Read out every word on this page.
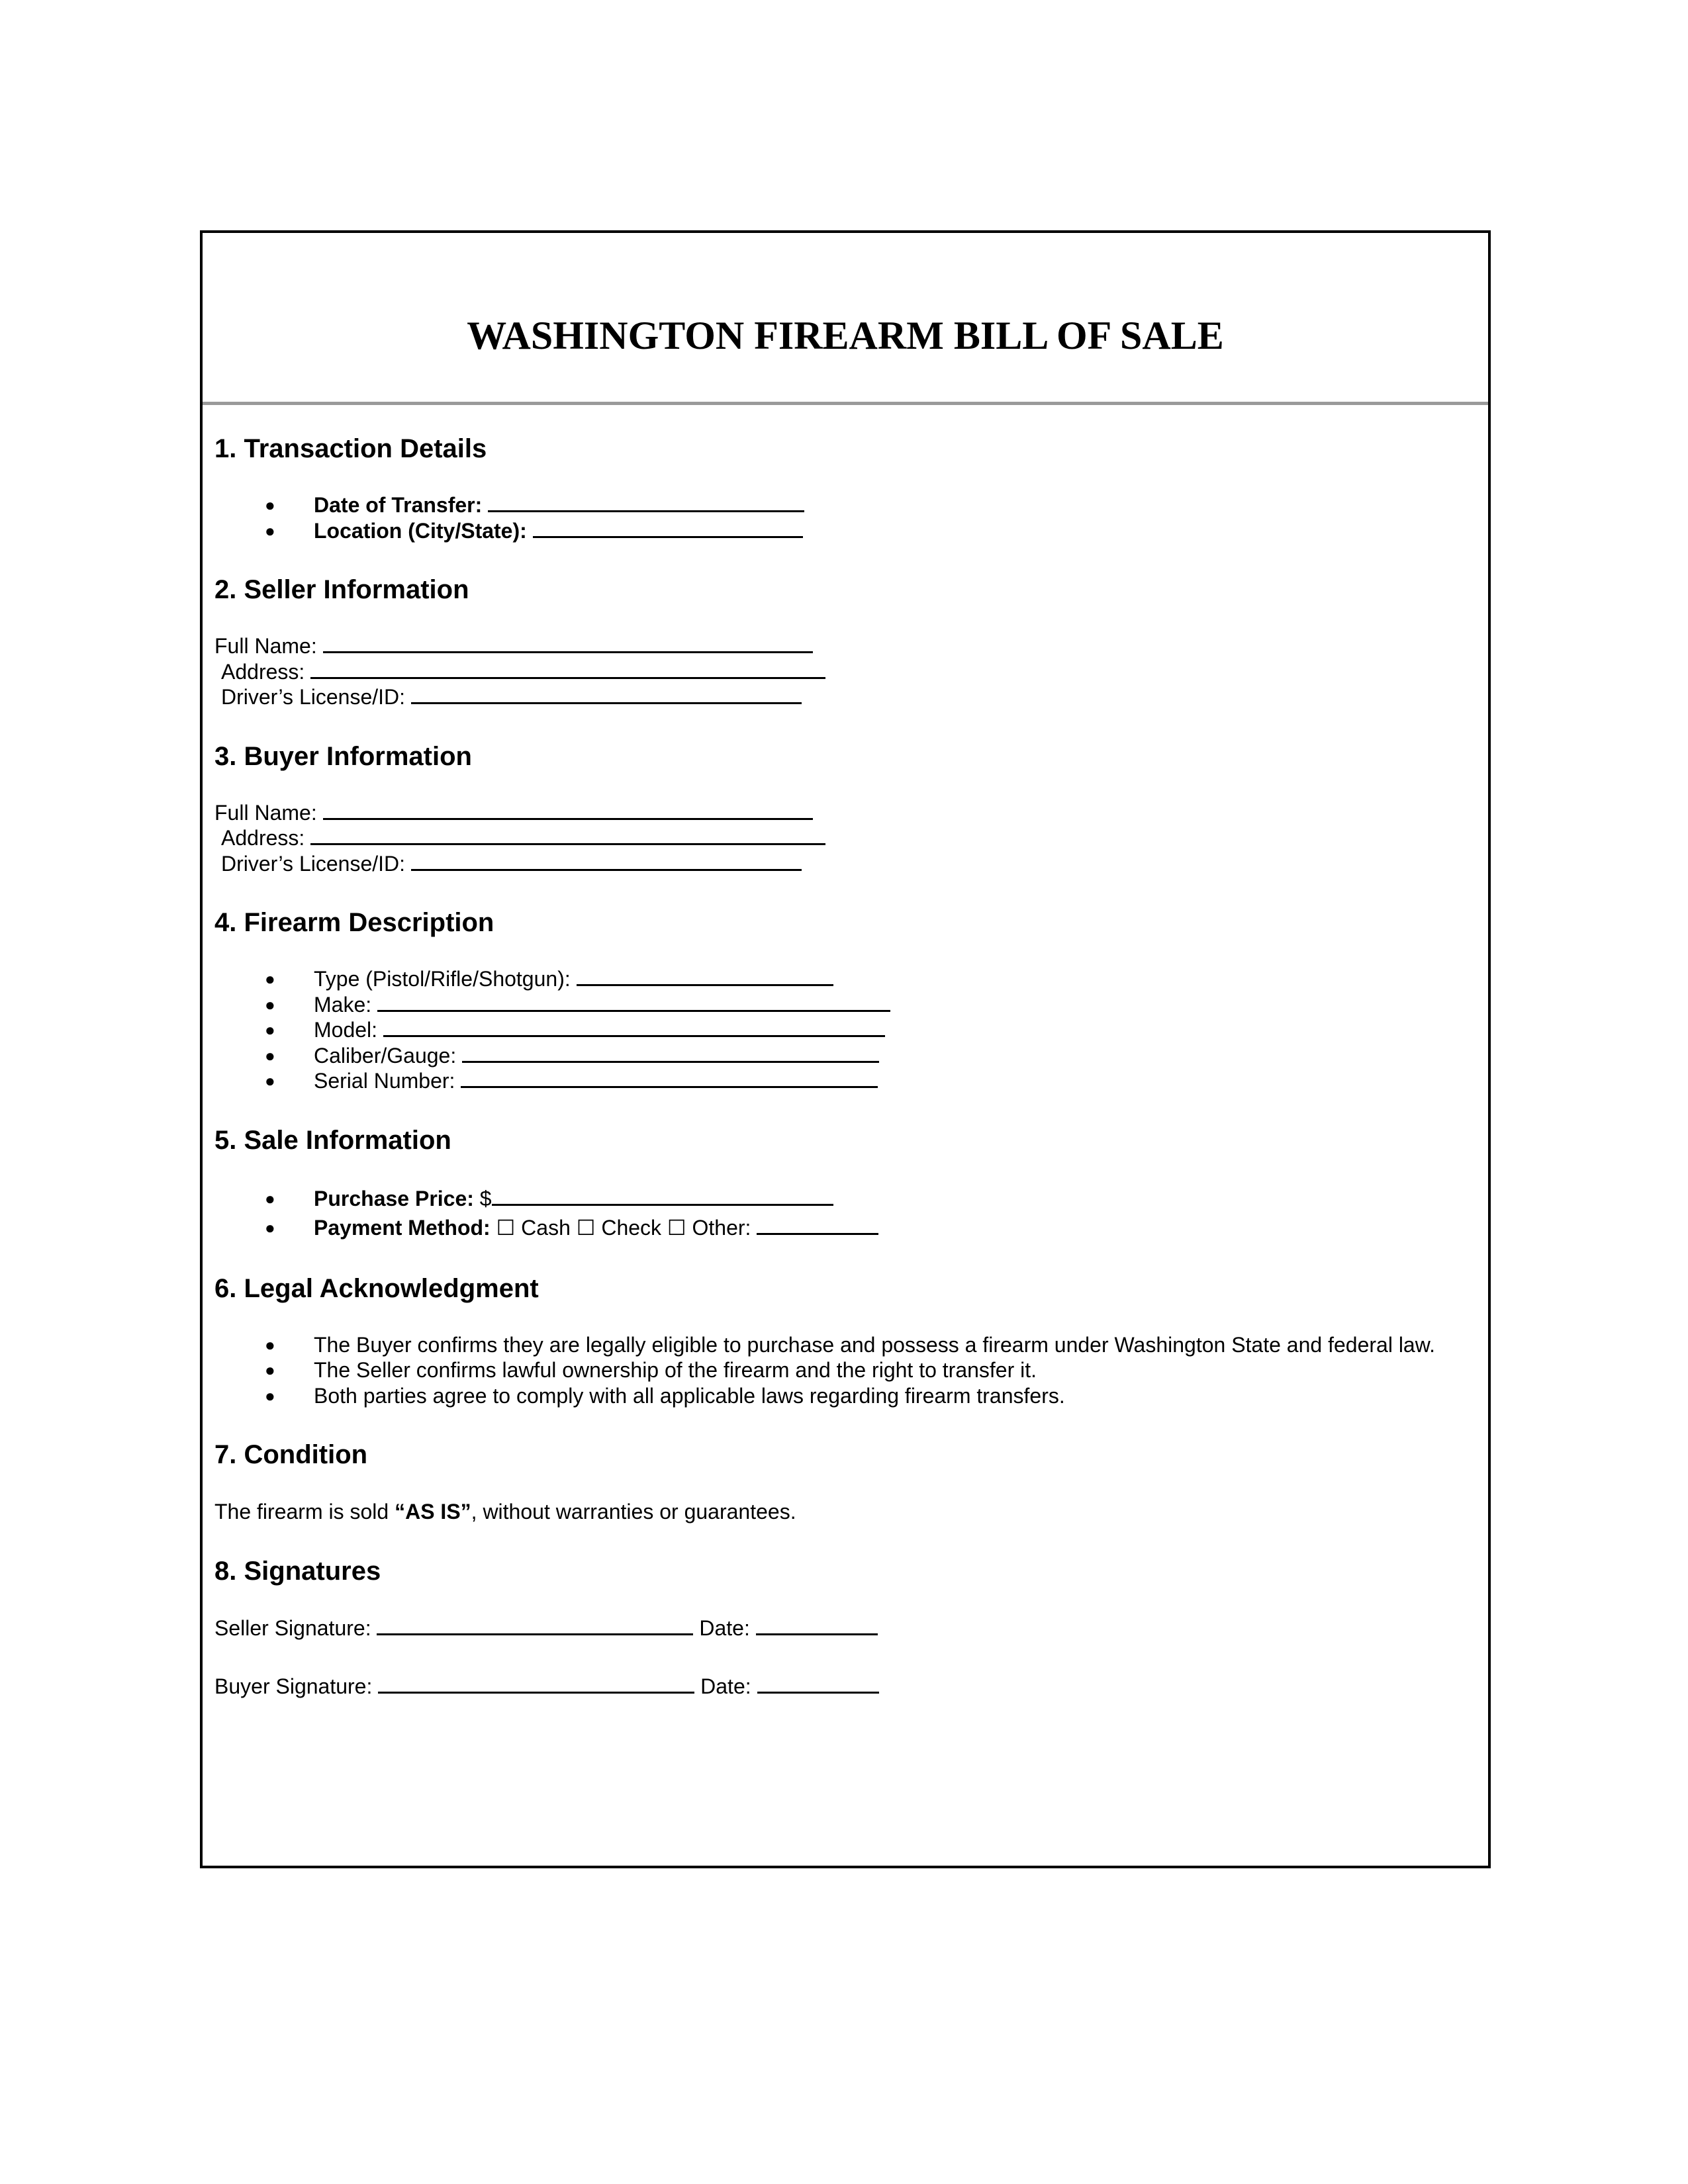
WASHINGTON FIREARM BILL OF SALE
1. Transaction Details
● Date of Transfer:
● Location (City/State):
2. Seller Information
Full Name:
Address:
Driver’s License/ID:
3. Buyer Information
Full Name:
Address:
Driver’s License/ID:
4. Firearm Description
● Type (Pistol/Rifle/Shotgun):
● Make:
● Model:
● Caliber/Gauge:
● Serial Number:
5. Sale Information
● Purchase Price: $
● Payment Method: ☐ Cash ☐ Check ☐ Other:
6. Legal Acknowledgment
● The Buyer confirms they are legally eligible to purchase and possess a firearm under Washington State and federal law.
● The Seller confirms lawful ownership of the firearm and the right to transfer it.
● Both parties agree to comply with all applicable laws regarding firearm transfers.
7. Condition

The firearm is sold “AS IS”, without warranties or guarantees.

8. Signatures
Seller Signature:	Date:
Buyer Signature:	Date:
